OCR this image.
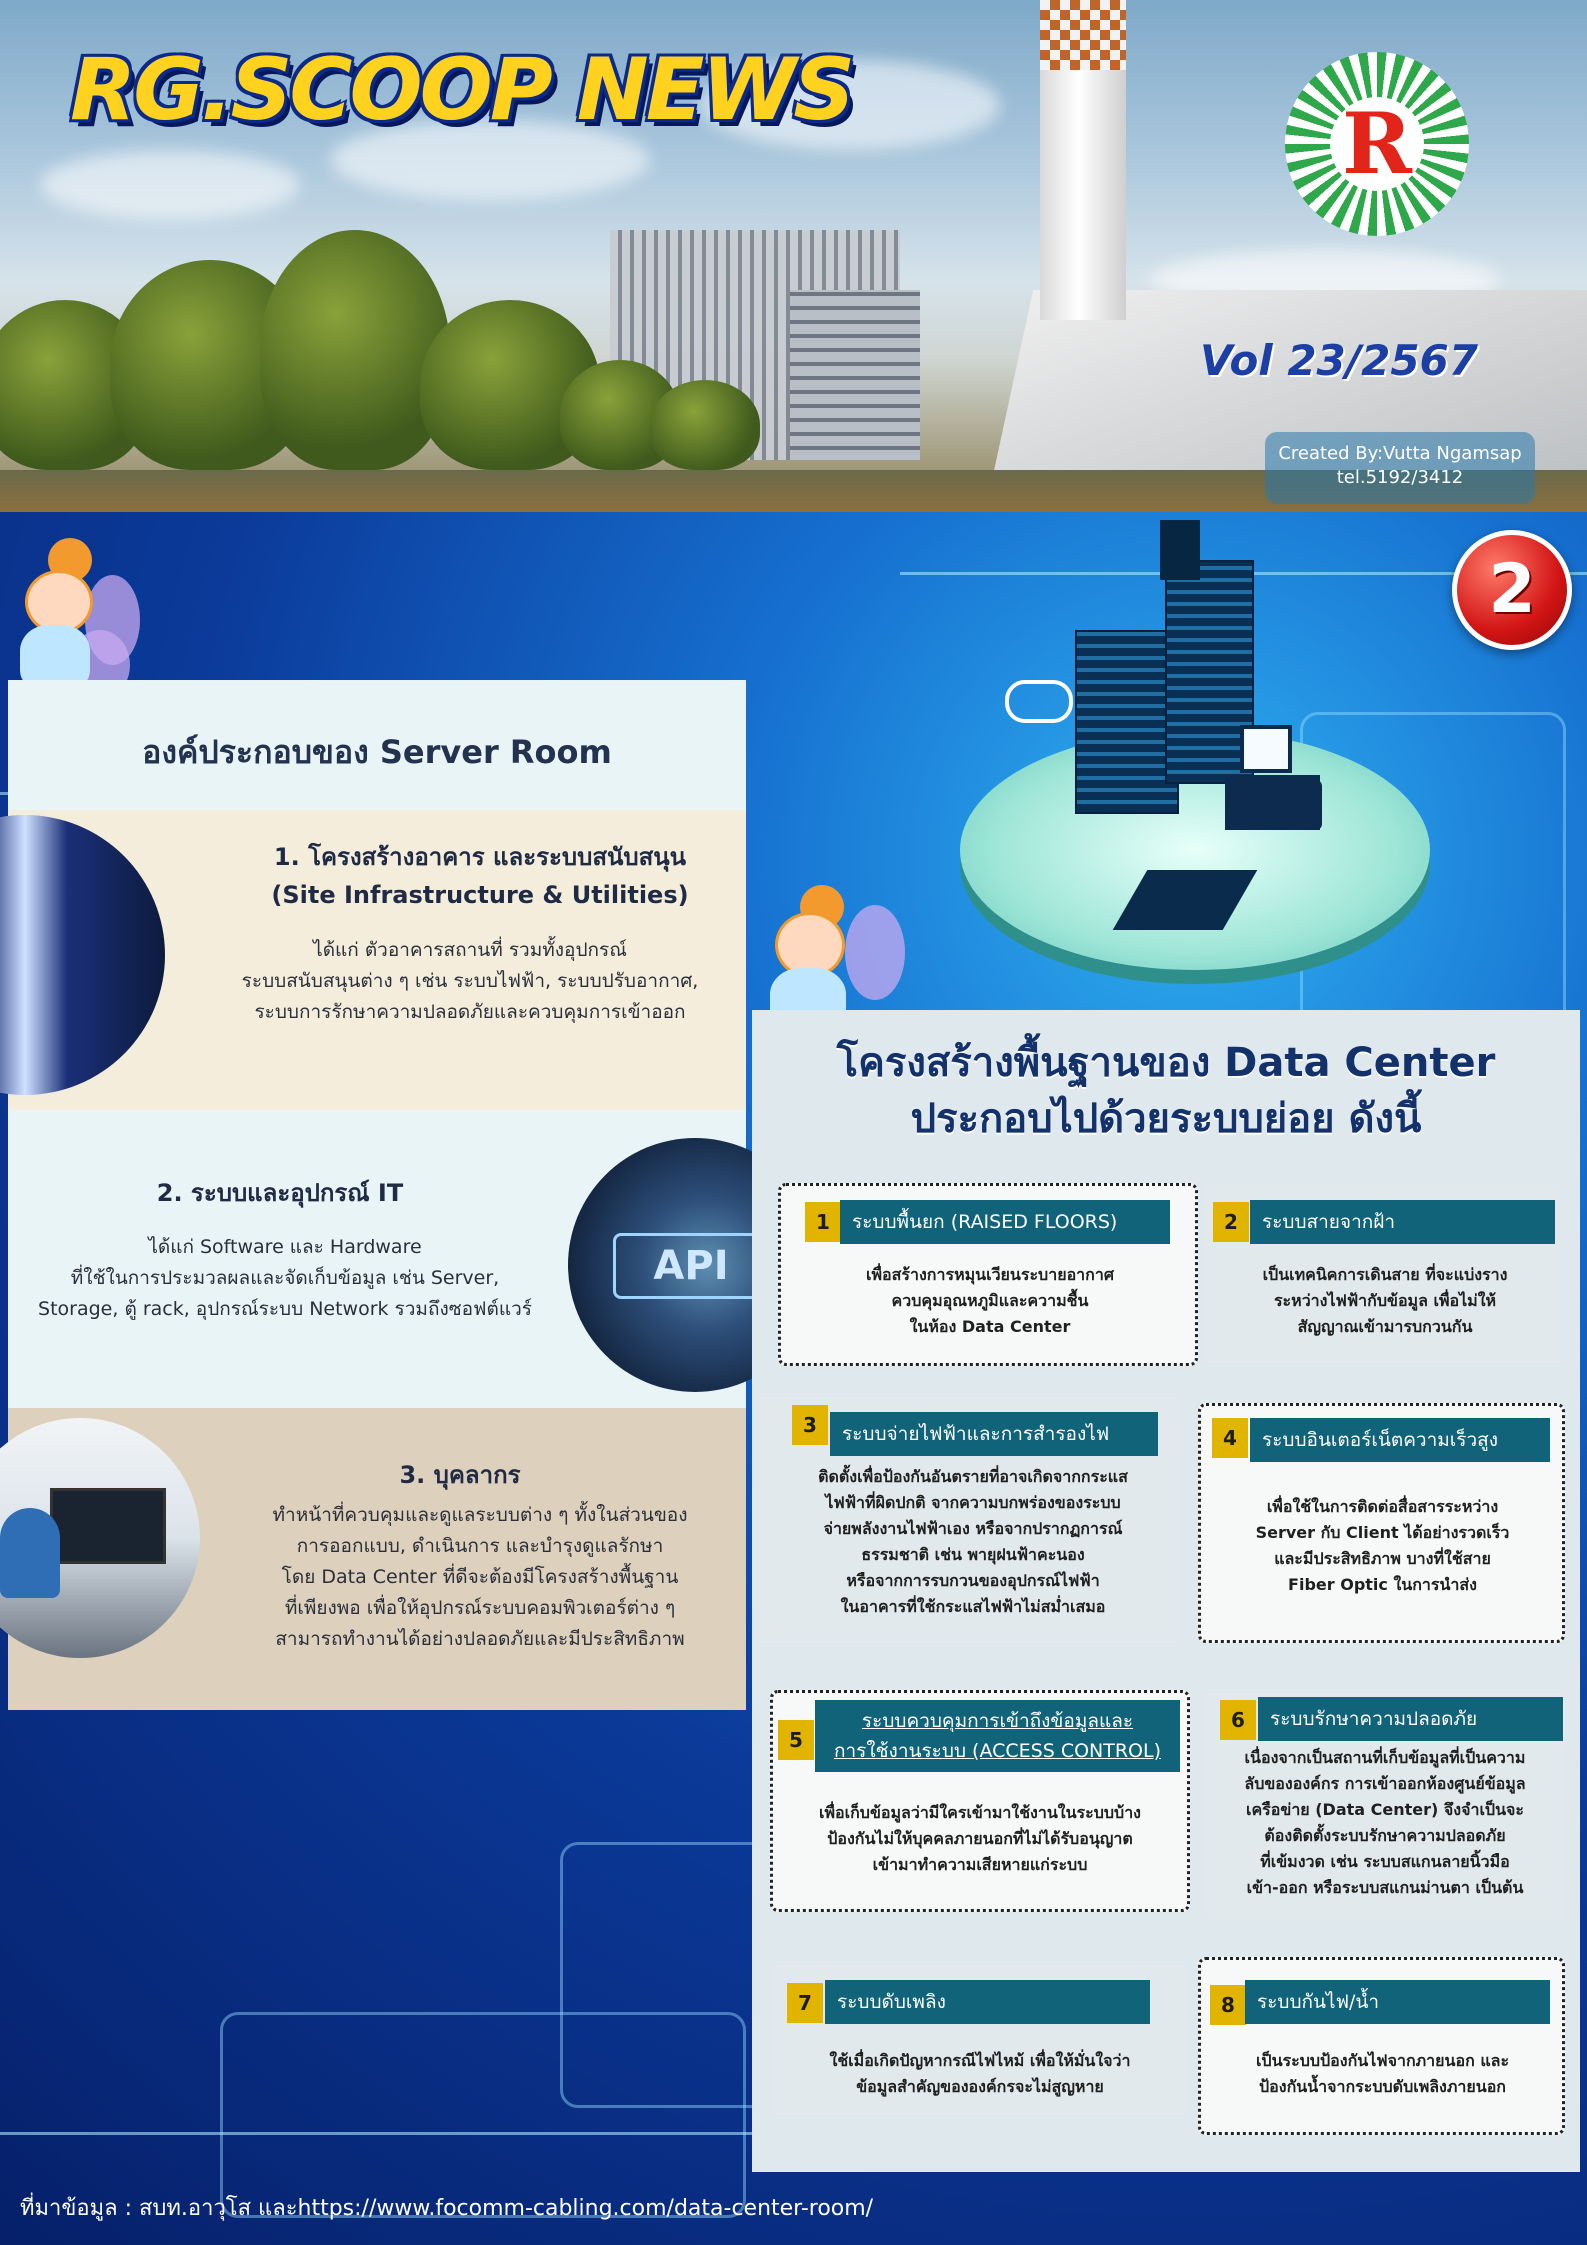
RG.SCOOP NEWS
R
Vol 23/2567
Created By:Vutta Ngamsap
tel.5192/3412
2
องค์ประกอบของ Server Room
1. โครงสร้างอาคาร และระบบสนับสนุน
(Site Infrastructure & Utilities)
ได้แก่ ตัวอาคารสถานที่ รวมทั้งอุปกรณ์
ระบบสนับสนุนต่าง ๆ เช่น ระบบไฟฟ้า, ระบบปรับอากาศ,
ระบบการรักษาความปลอดภัยและควบคุมการเข้าออก
2. ระบบและอุปกรณ์ IT
ได้แก่ Software และ Hardware
ที่ใช้ในการประมวลผลและจัดเก็บข้อมูล เช่น Server,
Storage, ตู้ rack, อุปกรณ์ระบบ Network รวมถึงซอฟต์แวร์
API
3. บุคลากร
ทำหน้าที่ควบคุมและดูแลระบบต่าง ๆ ทั้งในส่วนของ
การออกแบบ, ดำเนินการ และบำรุงดูแลรักษา
โดย Data Center ที่ดีจะต้องมีโครงสร้างพื้นฐาน
ที่เพียงพอ เพื่อให้อุปกรณ์ระบบคอมพิวเตอร์ต่าง ๆ
สามารถทำงานได้อย่างปลอดภัยและมีประสิทธิภาพ
โครงสร้างพื้นฐานของ Data Center
ประกอบไปด้วยระบบย่อย ดังนี้
1	ระบบพื้นยก (RAISED FLOORS)
เพื่อสร้างการหมุนเวียนระบายอากาศ
ควบคุมอุณหภูมิและความชื้น
ในห้อง Data Center
2	ระบบสายจากฝ้า
เป็นเทคนิคการเดินสาย ที่จะแบ่งราง
ระหว่างไฟฟ้ากับข้อมูล เพื่อไม่ให้
สัญญาณเข้ามารบกวนกัน
3	ระบบจ่ายไฟฟ้าและการสำรองไฟ
ติดตั้งเพื่อป้องกันอันตรายที่อาจเกิดจากกระแส
ไฟฟ้าที่ผิดปกติ จากความบกพร่องของระบบ
จ่ายพลังงานไฟฟ้าเอง หรือจากปรากฏการณ์
ธรรมชาติ เช่น พายุฝนฟ้าคะนอง
หรือจากการรบกวนของอุปกรณ์ไฟฟ้า
ในอาคารที่ใช้กระแสไฟฟ้าไม่สม่ำเสมอ
4	ระบบอินเตอร์เน็ตความเร็วสูง
เพื่อใช้ในการติดต่อสื่อสารระหว่าง
Server กับ Client ได้อย่างรวดเร็ว
และมีประสิทธิภาพ บางที่ใช้สาย
Fiber Optic ในการนำส่ง
5
ระบบควบคุมการเข้าถึงข้อมูลและ
การใช้งานระบบ (ACCESS CONTROL)
เพื่อเก็บข้อมูลว่ามีใครเข้ามาใช้งานในระบบบ้าง
ป้องกันไม่ให้บุคคลภายนอกที่ไม่ได้รับอนุญาต
เข้ามาทำความเสียหายแก่ระบบ
6	ระบบรักษาความปลอดภัย
เนื่องจากเป็นสถานที่เก็บข้อมูลที่เป็นความ
ลับขององค์กร การเข้าออกห้องศูนย์ข้อมูล
เครือข่าย (Data Center) จึงจำเป็นจะ
ต้องติดตั้งระบบรักษาความปลอดภัย
ที่เข้มงวด เช่น ระบบสแกนลายนิ้วมือ
เข้า-ออก หรือระบบสแกนม่านตา เป็นต้น
7	ระบบดับเพลิง
ใช้เมื่อเกิดปัญหากรณีไฟไหม้ เพื่อให้มั่นใจว่า
ข้อมูลสำคัญขององค์กรจะไม่สูญหาย
8	ระบบกันไฟ/น้ำ
เป็นระบบป้องกันไฟจากภายนอก และ
ป้องกันน้ำจากระบบดับเพลิงภายนอก
ที่มาข้อมูล : สบท.อาวุโส และhttps://www.focomm-cabling.com/data-center-room/
